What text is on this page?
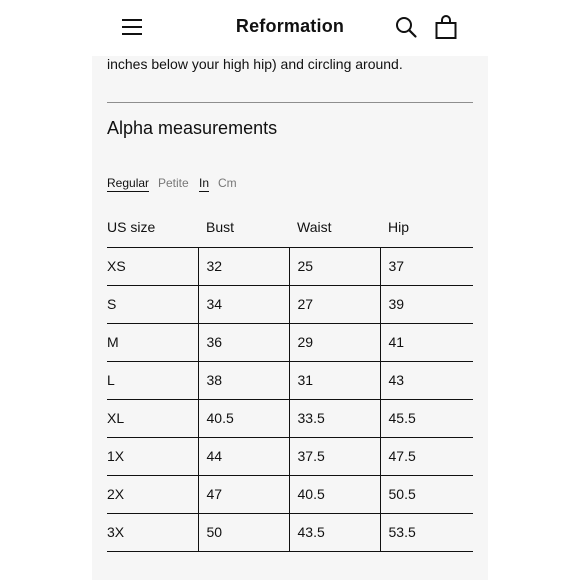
Reformation
inches below your high hip) and circling around.
Alpha measurements
Regular Petite In Cm
US size	Bust	Waist	Hip
XS	32	25	37
S	34	27	39
M	36	29	41
L	38	31	43
XL	40.5	33.5	45.5
1X	44	37.5	47.5
2X	47	40.5	50.5
3X	50	43.5	53.5
